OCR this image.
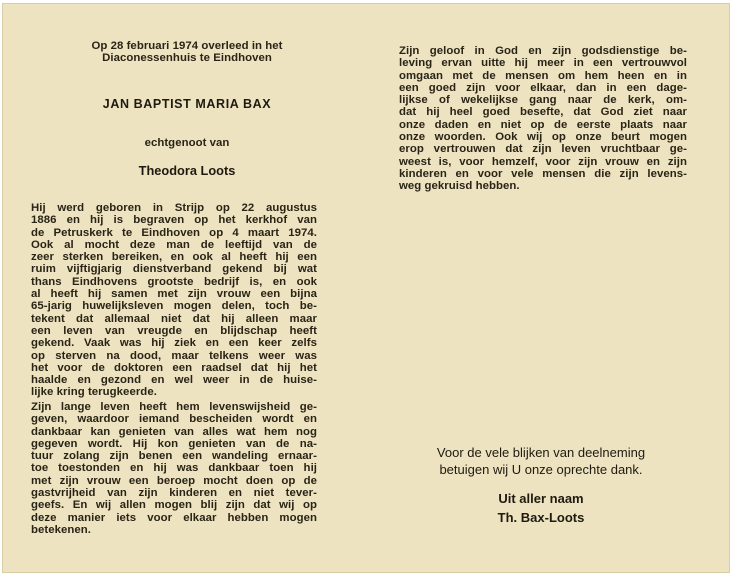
Op 28 februari 1974 overleed in het
Diaconessenhuis te Eindhoven
JAN BAPTIST MARIA BAX
echtgenoot van
Theodora Loots
Hij werd geboren in Strijp op 22 augustus
1886 en hij is begraven op het kerkhof van
de Petruskerk te Eindhoven op 4 maart 1974.
Ook al mocht deze man de leeftijd van de
zeer sterken bereiken, en ook al heeft hij een
ruim vijftigjarig dienstverband gekend bij wat
thans Eindhovens grootste bedrijf is, en ook
al heeft hij samen met zijn vrouw een bijna
65-jarig huwelijksleven mogen delen, toch be-
tekent dat allemaal niet dat hij alleen maar
een leven van vreugde en blijdschap heeft
gekend. Vaak was hij ziek en een keer zelfs
op sterven na dood, maar telkens weer was
het voor de doktoren een raadsel dat hij het
haalde en gezond en wel weer in de huise-
lijke kring terugkeerde.
Zijn lange leven heeft hem levenswijsheid ge-
geven, waardoor iemand bescheiden wordt en
dankbaar kan genieten van alles wat hem nog
gegeven wordt. Hij kon genieten van de na-
tuur zolang zijn benen een wandeling ernaar-
toe toestonden en hij was dankbaar toen hij
met zijn vrouw een beroep mocht doen op de
gastvrijheid van zijn kinderen en niet tever-
geefs. En wij allen mogen blij zijn dat wij op
deze manier iets voor elkaar hebben mogen
betekenen.
Zijn geloof in God en zijn godsdienstige be-
leving ervan uitte hij meer in een vertrouwvol
omgaan met de mensen om hem heen en in
een goed zijn voor elkaar, dan in een dage-
lijkse of wekelijkse gang naar de kerk, om-
dat hij heel goed besefte, dat God ziet naar
onze daden en niet op de eerste plaats naar
onze woorden. Ook wij op onze beurt mogen
erop vertrouwen dat zijn leven vruchtbaar ge-
weest is, voor hemzelf, voor zijn vrouw en zijn
kinderen en voor vele mensen die zijn levens-
weg gekruisd hebben.
Voor de vele blijken van deelneming
betuigen wij U onze oprechte dank.
Uit aller naam
Th. Bax-Loots
